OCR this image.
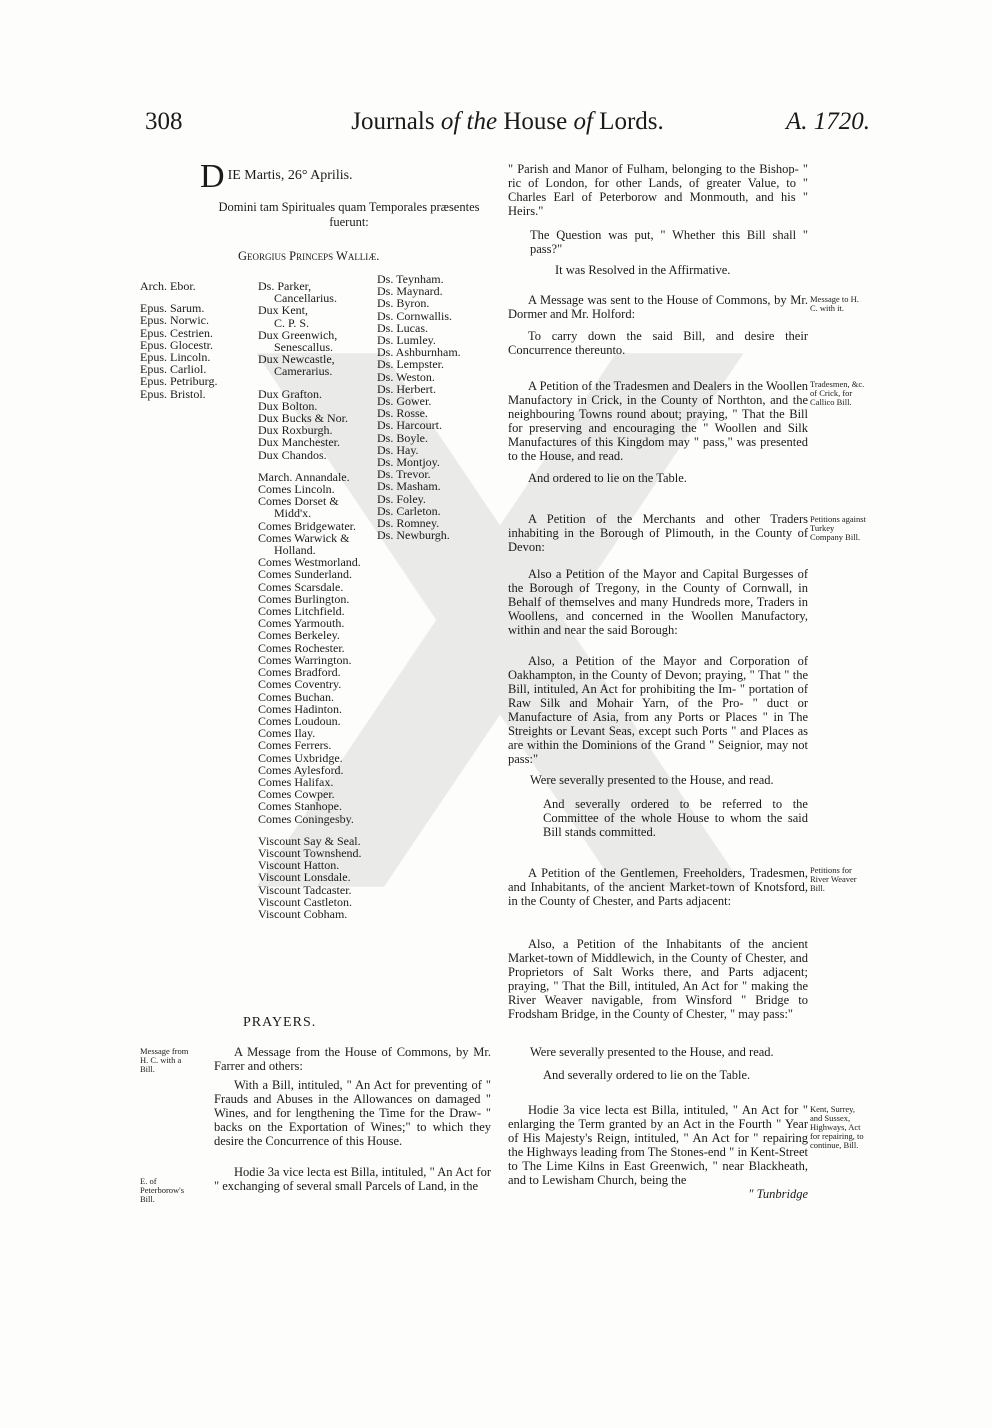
308	Journals of the House of Lords.	A. 1720.
DIE Martis, 26° Aprilis.
Domini tam Spirituales quam Temporales præsentes fuerunt:
Georgius Princeps Walliæ.
Arch. Ebor.
Epus. Sarum.
Epus. Norwic.
Epus. Cestrien.
Epus. Glocestr.
Epus. Lincoln.
Epus. Carliol.
Epus. Petriburg.
Epus. Bristol.
Ds. Parker,
Cancellarius.
Dux Kent,
C. P. S.
Dux Greenwich,
Senescallus.
Dux Newcastle,
Camerarius.
Dux Grafton.
Dux Bolton.
Dux Bucks & Nor.
Dux Roxburgh.
Dux Manchester.
Dux Chandos.
March. Annandale.
Comes Lincoln.
Comes Dorset &
Midd'x.
Comes Bridgewater.
Comes Warwick &
Holland.
Comes Westmorland.
Comes Sunderland.
Comes Scarsdale.
Comes Burlington.
Comes Litchfield.
Comes Yarmouth.
Comes Berkeley.
Comes Rochester.
Comes Warrington.
Comes Bradford.
Comes Coventry.
Comes Buchan.
Comes Hadinton.
Comes Loudoun.
Comes Ilay.
Comes Ferrers.
Comes Uxbridge.
Comes Aylesford.
Comes Halifax.
Comes Cowper.
Comes Stanhope.
Comes Coningesby.
Viscount Say & Seal.
Viscount Townshend.
Viscount Hatton.
Viscount Lonsdale.
Viscount Tadcaster.
Viscount Castleton.
Viscount Cobham.
Ds. Teynham.
Ds. Maynard.
Ds. Byron.
Ds. Cornwallis.
Ds. Lucas.
Ds. Lumley.
Ds. Ashburnham.
Ds. Lempster.
Ds. Weston.
Ds. Herbert.
Ds. Gower.
Ds. Rosse.
Ds. Harcourt.
Ds. Boyle.
Ds. Hay.
Ds. Montjoy.
Ds. Trevor.
Ds. Masham.
Ds. Foley.
Ds. Carleton.
Ds. Romney.
Ds. Newburgh.
PRAYERS.
Message from H. C. with a Bill.

A Message from the House of Commons, by Mr. Farrer and others:

With a Bill, intituled, " An Act for preventing of " Frauds and Abuses in the Allowances on damaged " Wines, and for lengthening the Time for the Draw- " backs on the Exportation of Wines;" to which they desire the Concurrence of this House.

E. of Peterborow's Bill.

Hodie 3a vice lecta est Billa, intituled, " An Act for " exchanging of several small Parcels of Land, in the

" Parish and Manor of Fulham, belonging to the Bishop- " ric of London, for other Lands, of greater Value, to " Charles Earl of Peterborow and Monmouth, and his " Heirs."

The Question was put, " Whether this Bill shall " pass?"

It was Resolved in the Affirmative.

A Message was sent to the House of Commons, by Mr. Dormer and Mr. Holford:

Message to H. C. with it.

To carry down the said Bill, and desire their Concurrence thereunto.

A Petition of the Tradesmen and Dealers in the Woollen Manufactory in Crick, in the County of Northton, and the neighbouring Towns round about; praying, " That the Bill for preserving and encouraging the " Woollen and Silk Manufactures of this Kingdom may " pass," was presented to the House, and read.

Tradesmen, &c. of Crick, for Callico Bill.

And ordered to lie on the Table.

A Petition of the Merchants and other Traders inhabiting in the Borough of Plimouth, in the County of Devon:

Petitions against Turkey Company Bill.

Also a Petition of the Mayor and Capital Burgesses of the Borough of Tregony, in the County of Cornwall, in Behalf of themselves and many Hundreds more, Traders in Woollens, and concerned in the Woollen Manufactory, within and near the said Borough:

Also, a Petition of the Mayor and Corporation of Oakhampton, in the County of Devon; praying, " That " the Bill, intituled, An Act for prohibiting the Im- " portation of Raw Silk and Mohair Yarn, of the Pro- " duct or Manufacture of Asia, from any Ports or Places " in The Streights or Levant Seas, except such Ports " and Places as are within the Dominions of the Grand " Seignior, may not pass:"

Were severally presented to the House, and read.

And severally ordered to be referred to the Committee of the whole House to whom the said Bill stands committed.

A Petition of the Gentlemen, Freeholders, Tradesmen, and Inhabitants, of the ancient Market-town of Knotsford, in the County of Chester, and Parts adjacent:

Petitions for River Weaver Bill.

Also, a Petition of the Inhabitants of the ancient Market-town of Middlewich, in the County of Chester, and Proprietors of Salt Works there, and Parts adjacent; praying, " That the Bill, intituled, An Act for " making the River Weaver navigable, from Winsford " Bridge to Frodsham Bridge, in the County of Chester, " may pass:"

Were severally presented to the House, and read.

And severally ordered to lie on the Table.

Hodie 3a vice lecta est Billa, intituled, " An Act for " enlarging the Term granted by an Act in the Fourth " Year of His Majesty's Reign, intituled, " An Act for " repairing the Highways leading from The Stones-end " in Kent-Street to The Lime Kilns in East Greenwich, " near Blackheath, and to Lewisham Church, being the

Kent, Surrey, and Sussex, Highways, Act for repairing, to continue, Bill.

" Tunbridge
